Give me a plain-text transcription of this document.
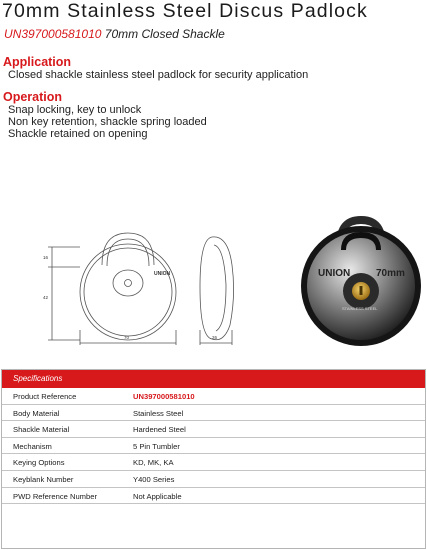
70mm Stainless Steel Discus Padlock
UN397000581010 70mm Closed Shackle
Application
Closed shackle stainless steel padlock for security application
Operation
Snap locking, key to unlock
Non key retention, shackle spring loaded
Shackle retained on opening
16
42
70	26
UNION	UNION	70mm
STAINLESS STEEL
Specifications
Product Reference	UN397000581010
Body Material	Stainless Steel
Shackle Material	Hardened Steel
Mechanism	5 Pin Tumbler
Keying Options	KD, MK, KA
Keyblank Number	Y400 Series
PWD Reference Number	Not Applicable
